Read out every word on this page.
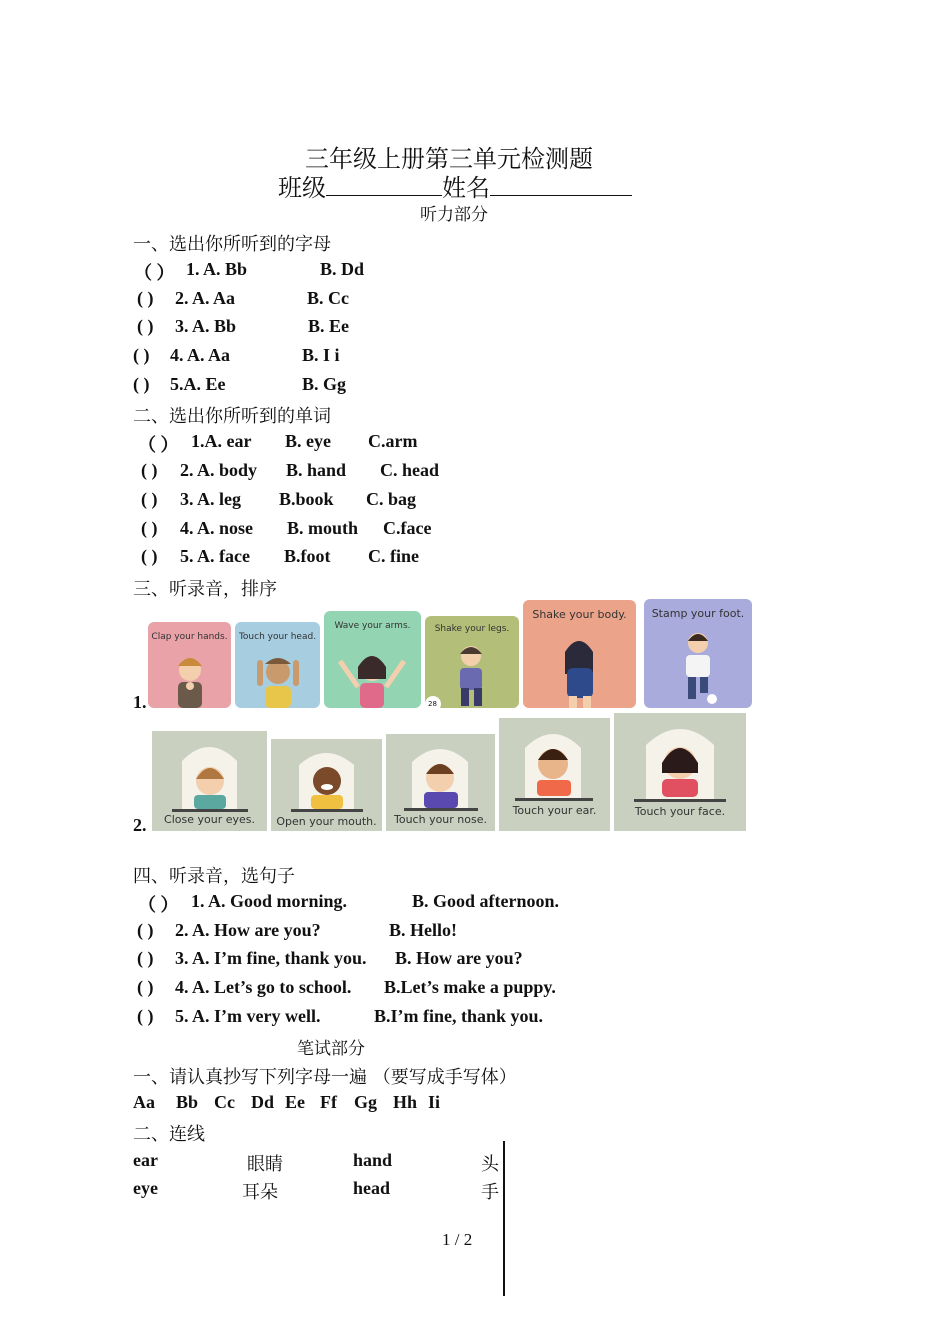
三年级上册第三单元检测题
班级	姓名
听力部分
一、选出你所听到的字母
（ ） 1. A. Bb	B. Dd
( ) 2. A. Aa	B. Cc
( ) 3. A. Bb	B. Ee
( ) 4. A. Aa	B. I i
( ) 5.A. Ee	B. Gg
二、选出你所听到的单词
（ ） 1.A. ear B. eye C.arm
( ) 2. A. body B. hand C. head
( ) 3. A. leg B.book C. bag
( ) 4. A. nose B. mouth C.face
( ) 5. A. face B.foot C. fine
三、听录音，排序
1.
Clap your hands.	Touch your head.
Wave your arms.	Shake your legs.
28
Shake your body.	Stamp your foot.
2.	Close your eyes.	Open your mouth.	Touch your nose.
Touch your ear.	Touch your face.
四、听录音，选句子
（ ） 1. A. Good morning.	B. Good afternoon.
( ) 2. A. How are you?	B. Hello!
( ) 3. A. I’m fine, thank you. B. How are you?
( ) 4. A. Let’s go to school. B.Let’s make a puppy.
( ) 5. A. I’m very well.	B.I’m fine, thank you.
笔试部分
一、请认真抄写下列字母一遍 （要写成手写体）
Aa Bb Cc Dd Ee Ff Gg Hh Ii
二、连线
ear	眼睛	hand	头
eye	耳朵	head	手
1 / 2
